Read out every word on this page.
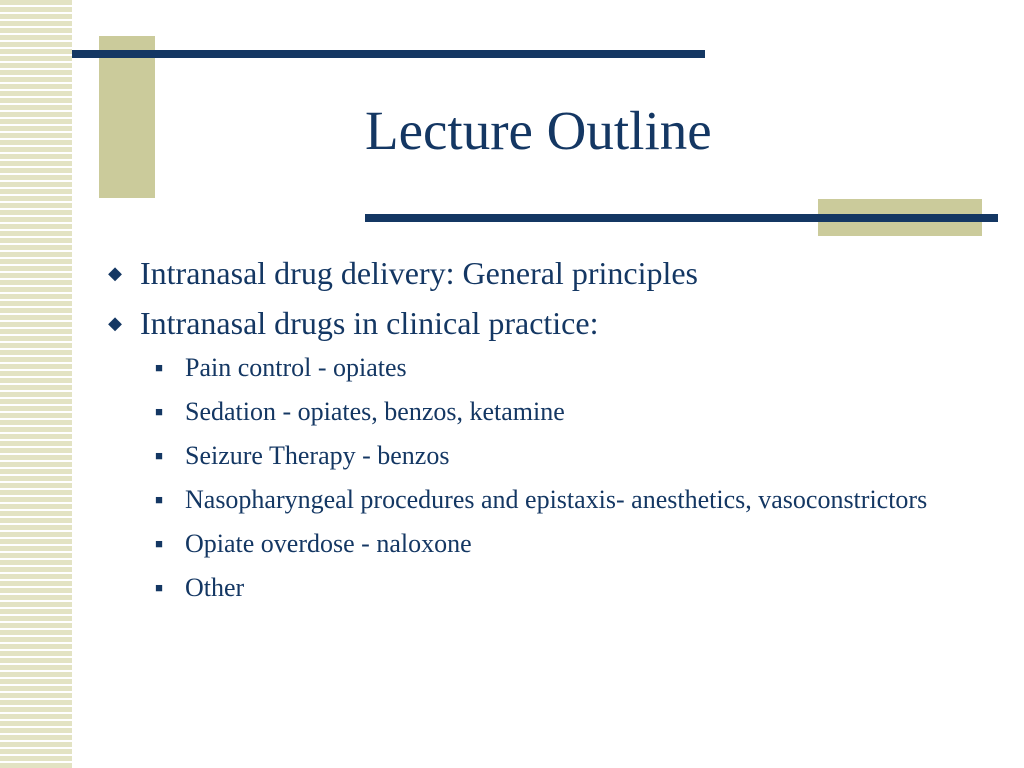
Lecture Outline
◆ Intranasal drug delivery: General principles
◆ Intranasal drugs in clinical practice:
■ Pain control - opiates
■ Sedation - opiates, benzos, ketamine
■ Seizure Therapy - benzos
■ Nasopharyngeal procedures and epistaxis- anesthetics, vasoconstrictors
■ Opiate overdose - naloxone
■ Other
